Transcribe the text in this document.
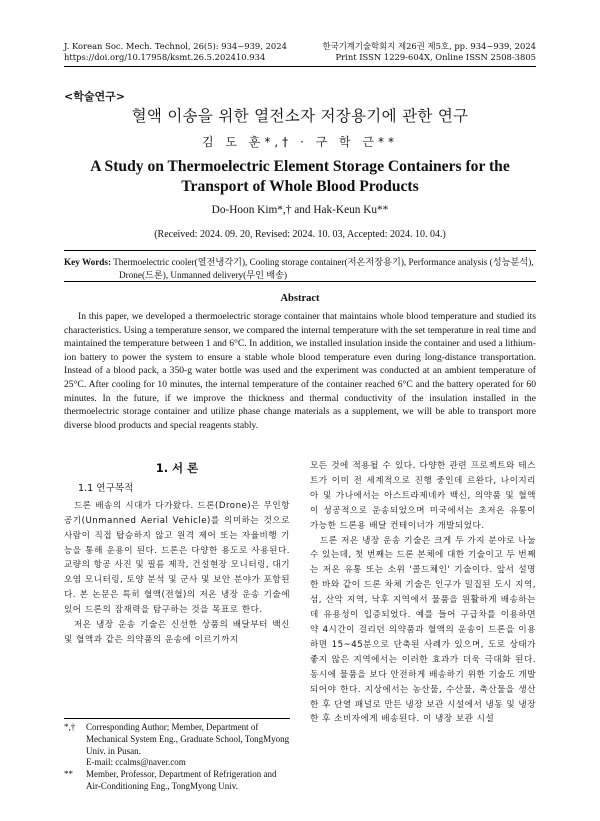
J. Korean Soc. Mech. Technol, 26(5): 934~939, 2024	한국기계기술학회지 제26권 제5호, pp. 934~939, 2024
https://doi.org/10.17958/ksmt.26.5.202410.934	Print ISSN 1229-604X, Online ISSN 2508-3805
<학술연구>
혈액 이송을 위한 열전소자 저장용기에 관한 연구
김 도 훈*,† · 구 학 근**
A Study on Thermoelectric Element Storage Containers for the Transport of Whole Blood Products
Do-Hoon Kim*,† and Hak-Keun Ku**
(Received: 2024. 09. 20, Revised: 2024. 10. 03, Accepted: 2024. 10. 04.)
Key Words: Thermoelectric cooler(열전냉각기), Cooling storage container(저온저장용기), Performance analysis (성능분석), Drone(드론), Unmanned delivery(무인 배송)
Abstract
In this paper, we developed a thermoelectric storage container that maintains whole blood temperature and studied its characteristics. Using a temperature sensor, we compared the internal temperature with the set temperature in real time and maintained the temperature between 1 and 6°C. In addition, we installed insulation inside the container and used a lithium-ion battery to power the system to ensure a stable whole blood temperature even during long-distance transportation. Instead of a blood pack, a 350-g water bottle was used and the experiment was conducted at an ambient temperature of 25°C. After cooling for 10 minutes, the internal temperature of the container reached 6°C and the battery operated for 60 minutes. In the future, if we improve the thickness and thermal conductivity of the insulation installed in the thermoelectric storage container and utilize phase change materials as a supplement, we will be able to transport more diverse blood products and special reagents stably.
1. 서 론
1.1 연구목적

드론 배송의 시대가 다가왔다. 드론(Drone)은 무인항공기(Unmanned Aerial Vehicle)를 의미하는 것으로 사람이 직접 탑승하지 않고 원격 제어 또는 자율비행 기능을 통해 운용이 된다. 드론은 다양한 용도로 사용된다. 교량의 항공 사진 및 필름 제작, 건설현장 모니터링, 대기 오염 모니터링, 토양 분석 및 군사 및 보안 분야가 포함된다. 본 논문은 특히 혈액(전혈)의 저온 냉장 운송 기술에 있어 드론의 잠재력을 탐구하는 것을 목표로 한다.

저온 냉장 운송 기술은 신선한 상품의 배달부터 백신 및 혈액과 같은 의약품의 운송에 이르기까지

모든 것에 적용될 수 있다. 다양한 관련 프로젝트와 테스트가 이미 전 세계적으로 진행 중인데 르완다, 나이지리아 및 가나에서는 아스트라제네카 백신, 의약품 및 혈액이 성공적으로 운송되었으며 미국에서는 초저온 유통이 가능한 드론용 배달 컨테이너가 개발되었다.

드론 저온 냉장 운송 기술은 크게 두 가지 분야로 나눌 수 있는데, 첫 번째는 드론 본체에 대한 기술이고 두 번째는 저온 유통 또는 소위 '콜드체인' 기술이다. 앞서 설명한 바와 같이 드론 차체 기술은 인구가 밀집된 도시 지역, 섬, 산악 지역, 낙후 지역에서 물품을 원활하게 배송하는 데 유용성이 입증되었다. 예를 들어 구급차를 이용하면 약 4시간이 걸리던 의약품과 혈액의 운송이 드론을 이용하면 15~45분으로 단축된 사례가 있으며, 도로 상태가 좋지 않은 지역에서는 이러한 효과가 더욱 극대화 된다. 동시에 물품을 보다 안전하게 배송하기 위한 기술도 개발되어야 한다. 지상에서는 농산물, 수산물, 축산물을 생산한 후 단열 패널로 만든 냉장 보관 시설에서 냉동 및 냉장한 후 소비자에게 배송된다. 이 냉장 보관 시설

*,†	Corresponding Author; Member, Department of Mechanical System Eng., Graduate School, TongMyong Univ. in Pusan.
E-mail: ccalms@naver.com
**	Member, Professor, Department of Refrigeration and Air-Conditioning Eng., TongMyong Univ.
